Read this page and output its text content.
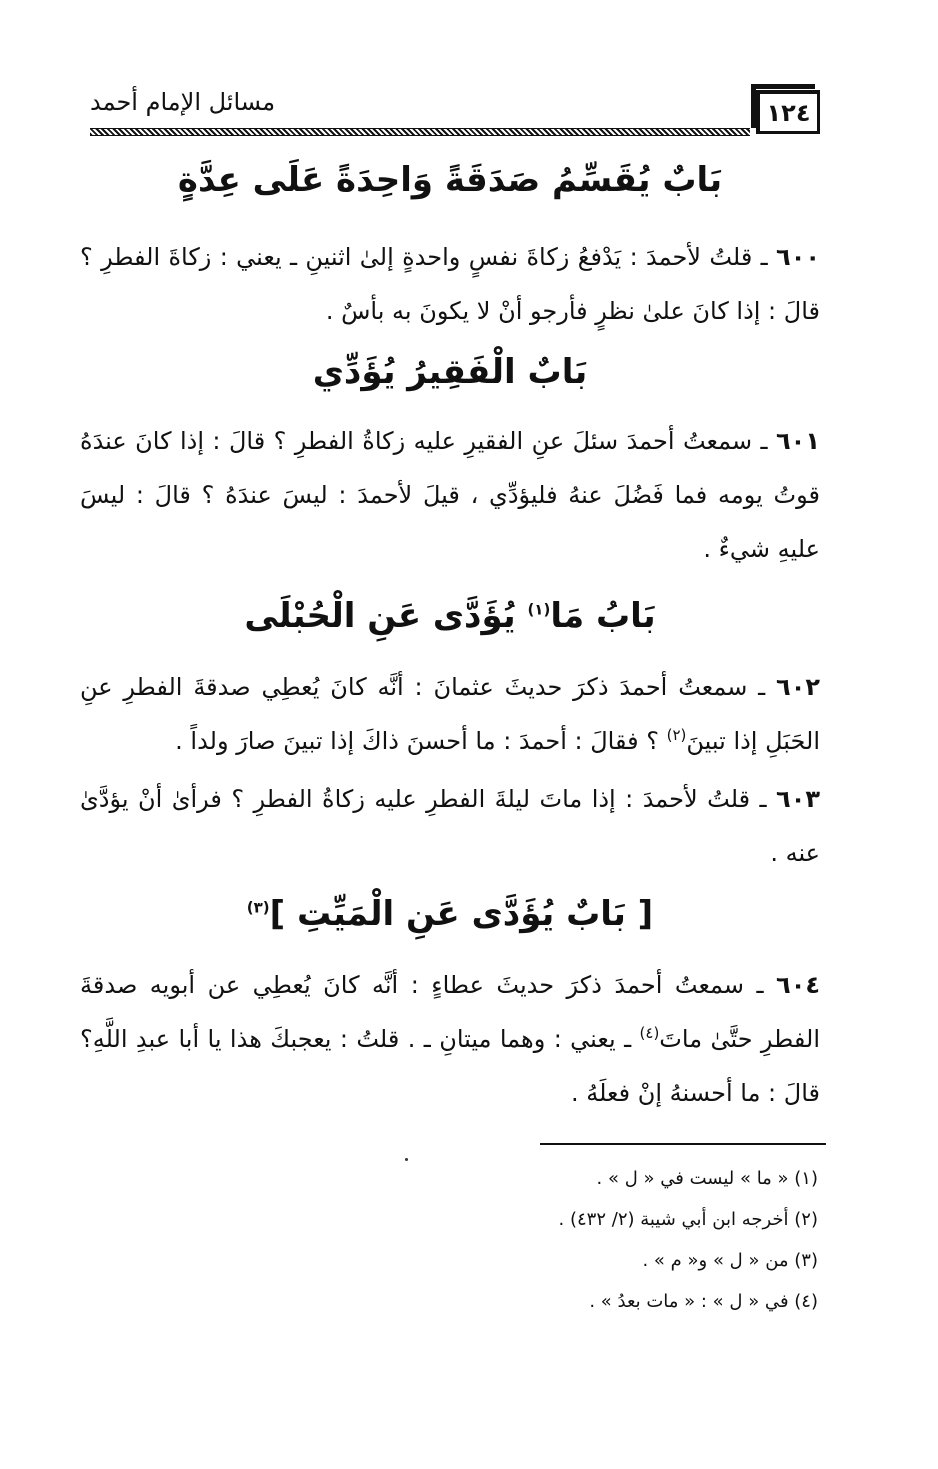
١٢٤
مسائل الإمام أحمد
بَابٌ يُقَسِّمُ صَدَقَةً وَاحِدَةً عَلَى عِدَّةٍ
٦٠٠ ـ قلتُ لأحمدَ : يَدْفعُ زكاةَ نفسٍ واحدةٍ إلىٰ اثنينِ ـ يعني : زكاةَ الفطرِ ؟ قالَ : إذا كانَ علىٰ نظرٍ فأرجو أنْ لا يكونَ به بأسٌ .
بَابٌ الْفَقِيرُ يُؤَدِّي
٦٠١ ـ سمعتُ أحمدَ سئلَ عنِ الفقيرِ عليه زكاةُ الفطرِ ؟ قالَ : إذا كانَ عندَهُ قوتُ يومه فما فَضُلَ عنهُ فليؤدِّي ، قيلَ لأحمدَ : ليسَ عندَهُ ؟ قالَ : ليسَ عليهِ شيءٌ .
بَابُ مَا$^{(١)}$ يُؤَدَّى عَنِ الْحُبْلَى
٦٠٢ ـ سمعتُ أحمدَ ذكرَ حديثَ عثمانَ : أنَّه كانَ يُعطِي صدقةَ الفطرِ عنِ الحَبَلِ إذا تبينَ$^{(٢)}$ ؟ فقالَ : أحمدَ : ما أحسنَ ذاكَ إذا تبينَ صارَ ولداً .
٦٠٣ ـ قلتُ لأحمدَ : إذا ماتَ ليلةَ الفطرِ عليه زكاةُ الفطرِ ؟ فرأىٰ أنْ يؤدَّىٰ عنه .
[ بَابٌ يُؤَدَّى عَنِ الْمَيِّتِ ]$^{(٣)}$
٦٠٤ ـ سمعتُ أحمدَ ذكرَ حديثَ عطاءٍ : أنَّه كانَ يُعطِي عن أبويه صدقةَ الفطرِ حتَّىٰ ماتَ$^{(٤)}$ ـ يعني : وهما ميتانِ ـ . قلتُ : يعجبكَ هذا يا أبا عبدِ اللَّهِ؟ قالَ : ما أحسنهُ إنْ فعلَهُ .
(١) « ما » ليست في « ل » .
(٢) أخرجه ابن أبي شيبة (٢/ ٤٣٢) .
(٣) من « ل » و« م » .
(٤) في « ل » : « مات بعدُ » .
